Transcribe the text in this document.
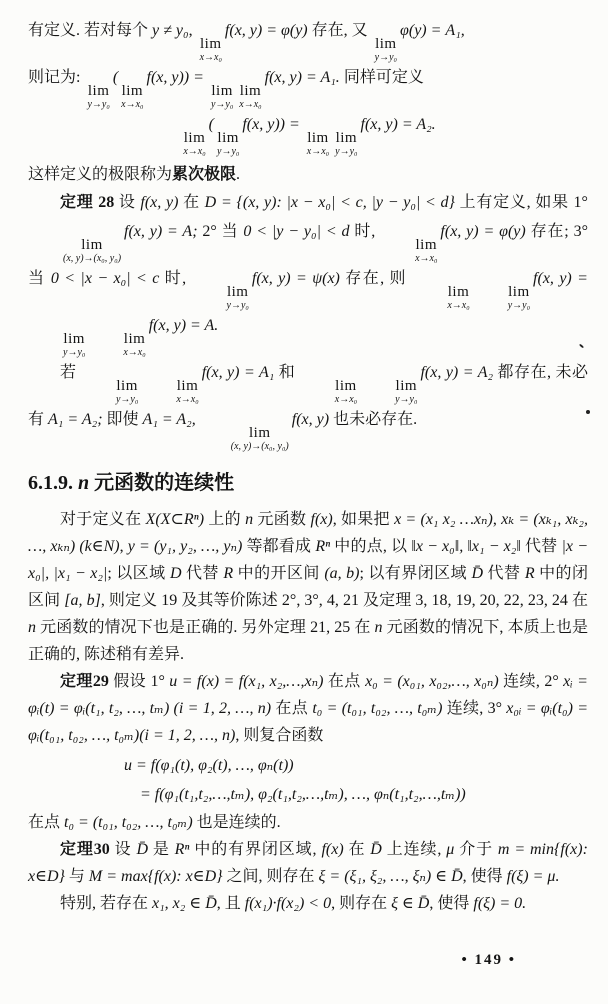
有定义. 若对每个 y ≠ y₀,
lim
x→x₀
f(x, y) = φ(y) 存在, 又
lim
y→y₀
φ(y) = A₁,

则记为:
lim
y→y₀
(
lim
x→x₀
f(x, y)) =
lim
y→y₀
lim
x→x₀
f(x, y) = A₁. 同样可定义

lim
x→x₀
(
lim
y→y₀
f(x, y)) =
lim
x→x₀
lim
y→y₀
f(x, y) = A₂.

这样定义的极限称为累次极限.

定理 28 设 f(x, y) 在 D = {(x, y): |x − x₀| < c, |y − y₀| < d} 上有定义, 如果 1°
lim
(x, y)→(x₀, y₀)
f(x, y) = A; 2° 当 0 < |y − y₀| < d 时,
lim
x→x₀
f(x, y) = φ(y) 存在; 3° 当 0 < |x − x₀| < c 时,
lim
y→y₀
f(x, y) = ψ(x) 存在, 则
lim
x→x₀
lim
y→y₀
f(x, y) =
lim
y→y₀
lim
x→x₀
f(x, y) = A.

若
lim
y→y₀
lim
x→x₀
f(x, y) = A₁ 和
lim
x→x₀
lim
y→y₀
f(x, y) = A₂ 都存在, 未必有 A₁ = A₂; 即使 A₁ = A₂,
lim
(x, y)→(x₀, y₀)
f(x, y) 也未必存在.

6.1.9. n 元函数的连续性

对于定义在 X(X⊂Rⁿ) 上的 n 元函数 f(x), 如果把 x = (x₁ x₂ …xₙ), xₖ = (xₖ₁, xₖ₂, …, xₖₙ) (k∈N), y = (y₁, y₂, …, yₙ) 等都看成 Rⁿ 中的点, 以 ‖x − x₀‖, ‖x₁ − x₂‖ 代替 |x − x₀|, |x₁ − x₂|; 以区域 D 代替 R 中的开区间 (a, b); 以有界闭区域 D̄ 代替 R 中的闭区间 [a, b], 则定义 19 及其等价陈述 2°, 3°, 4, 21 及定理 3, 18, 19, 20, 22, 23, 24 在 n 元函数的情况下也是正确的. 另外定理 21, 25 在 n 元函数的情况下, 本质上也是正确的, 陈述稍有差异.

定理29 假设 1° u = f(x) = f(x₁, x₂,…,xₙ) 在点 x₀ = (x₀₁, x₀₂,…, x₀ₙ) 连续, 2° xᵢ = φᵢ(t) = φᵢ(t₁, t₂, …, tₘ) (i = 1, 2, …, n) 在点 t₀ = (t₀₁, t₀₂, …, t₀ₘ) 连续, 3° x₀ᵢ = φᵢ(t₀) = φᵢ(t₀₁, t₀₂, …, t₀ₘ)(i = 1, 2, …, n), 则复合函数

u = f(φ₁(t), φ₂(t), …, φₙ(t))

= f(φ₁(t₁,t₂,…,tₘ), φ₂(t₁,t₂,…,tₘ), …, φₙ(t₁,t₂,…,tₘ))

在点 t₀ = (t₀₁, t₀₂, …, t₀ₘ) 也是连续的.

定理30 设 D̄ 是 Rⁿ 中的有界闭区域, f(x) 在 D̄ 上连续, μ 介于 m = min{f(x): x∈D} 与 M = max{f(x): x∈D} 之间, 则存在 ξ = (ξ₁, ξ₂, …, ξₙ) ∈ D̄, 使得 f(ξ) = μ.

特别, 若存在 x₁, x₂ ∈ D̄, 且 f(x₁)·f(x₂) < 0, 则存在 ξ ∈ D̄, 使得 f(ξ) = 0.

• 149 •
